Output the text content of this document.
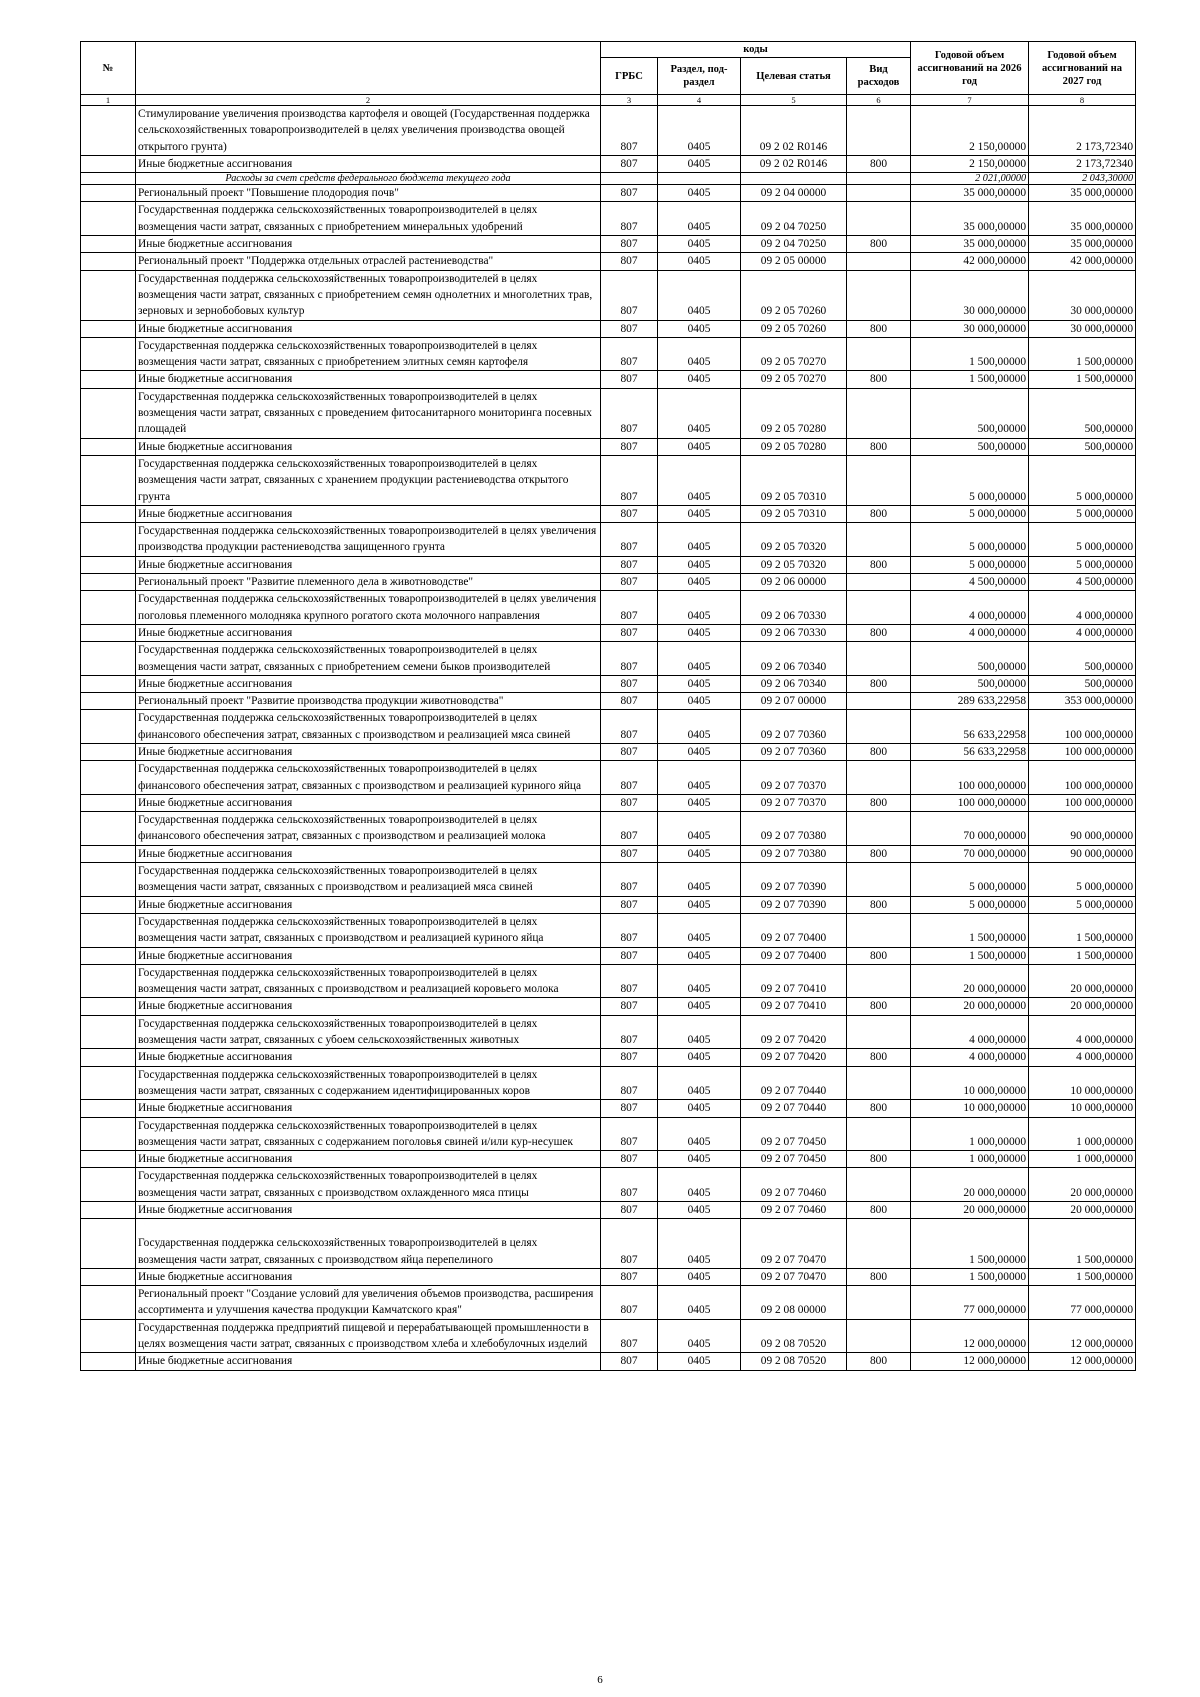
№		коды				Годовой объем ассигнований на 2026 год	Годовой объем ассигнований на 2027 год
		ГРБС	Раздел, под-раздел	Целевая статья	Вид расходов		
1	2	3	4	5	6	7	8
	Стимулирование увеличения производства картофеля и овощей (Государственная поддержка сельскохозяйственных товаропроизводителей в целях увеличения производства овощей открытого грунта)	807	0405	09 2 02 R0146		2 150,00000	2 173,72340
	Иные бюджетные ассигнования	807	0405	09 2 02 R0146	800	2 150,00000	2 173,72340
	Расходы за счет средств федерального бюджета текущего года					2 021,00000	2 043,30000
	Региональный проект "Повышение плодородия почв"	807	0405	09 2 04 00000		35 000,00000	35 000,00000
	Государственная поддержка сельскохозяйственных товаропроизводителей в целях возмещения части затрат, связанных с приобретением минеральных удобрений	807	0405	09 2 04 70250		35 000,00000	35 000,00000
	Иные бюджетные ассигнования	807	0405	09 2 04 70250	800	35 000,00000	35 000,00000
	Региональный проект "Поддержка отдельных отраслей растениеводства"	807	0405	09 2 05 00000		42 000,00000	42 000,00000
	Государственная поддержка сельскохозяйственных товаропроизводителей в целях возмещения части затрат, связанных с приобретением семян однолетних и многолетних трав, зерновых и зернобобовых культур	807	0405	09 2 05 70260		30 000,00000	30 000,00000
	Иные бюджетные ассигнования	807	0405	09 2 05 70260	800	30 000,00000	30 000,00000
	Государственная поддержка сельскохозяйственных товаропроизводителей в целях возмещения части затрат, связанных с приобретением элитных семян картофеля	807	0405	09 2 05 70270		1 500,00000	1 500,00000
	Иные бюджетные ассигнования	807	0405	09 2 05 70270	800	1 500,00000	1 500,00000
	Государственная поддержка сельскохозяйственных товаропроизводителей в целях возмещения части затрат, связанных с проведением фитосанитарного мониторинга посевных площадей	807	0405	09 2 05 70280		500,00000	500,00000
	Иные бюджетные ассигнования	807	0405	09 2 05 70280	800	500,00000	500,00000
	Государственная поддержка сельскохозяйственных товаропроизводителей в целях возмещения части затрат, связанных с хранением продукции растениеводства открытого грунта	807	0405	09 2 05 70310		5 000,00000	5 000,00000
	Иные бюджетные ассигнования	807	0405	09 2 05 70310	800	5 000,00000	5 000,00000
	Государственная поддержка сельскохозяйственных товаропроизводителей в целях увеличения производства продукции растениеводства защищенного грунта	807	0405	09 2 05 70320		5 000,00000	5 000,00000
	Иные бюджетные ассигнования	807	0405	09 2 05 70320	800	5 000,00000	5 000,00000
	Региональный проект "Развитие племенного дела в животноводстве"	807	0405	09 2 06 00000		4 500,00000	4 500,00000
	Государственная поддержка сельскохозяйственных товаропроизводителей в целях увеличения поголовья племенного молодняка крупного рогатого скота молочного направления	807	0405	09 2 06 70330		4 000,00000	4 000,00000
	Иные бюджетные ассигнования	807	0405	09 2 06 70330	800	4 000,00000	4 000,00000
	Государственная поддержка сельскохозяйственных товаропроизводителей в целях возмещения части затрат, связанных с приобретением семени быков производителей	807	0405	09 2 06 70340		500,00000	500,00000
	Иные бюджетные ассигнования	807	0405	09 2 06 70340	800	500,00000	500,00000
	Региональный проект "Развитие производства продукции животноводства"	807	0405	09 2 07 00000		289 633,22958	353 000,00000
	Государственная поддержка сельскохозяйственных товаропроизводителей в целях финансового обеспечения затрат, связанных с производством и реализацией мяса свиней	807	0405	09 2 07 70360		56 633,22958	100 000,00000
	Иные бюджетные ассигнования	807	0405	09 2 07 70360	800	56 633,22958	100 000,00000
	Государственная поддержка сельскохозяйственных товаропроизводителей в целях финансового обеспечения затрат, связанных с производством и реализацией куриного яйца	807	0405	09 2 07 70370		100 000,00000	100 000,00000
	Иные бюджетные ассигнования	807	0405	09 2 07 70370	800	100 000,00000	100 000,00000
	Государственная поддержка сельскохозяйственных товаропроизводителей в целях финансового обеспечения затрат, связанных с производством и реализацией молока	807	0405	09 2 07 70380		70 000,00000	90 000,00000
	Иные бюджетные ассигнования	807	0405	09 2 07 70380	800	70 000,00000	90 000,00000
	Государственная поддержка сельскохозяйственных товаропроизводителей в целях возмещения части затрат, связанных с производством и реализацией мяса свиней	807	0405	09 2 07 70390		5 000,00000	5 000,00000
	Иные бюджетные ассигнования	807	0405	09 2 07 70390	800	5 000,00000	5 000,00000
	Государственная поддержка сельскохозяйственных товаропроизводителей в целях возмещения части затрат, связанных с производством и реализацией куриного яйца	807	0405	09 2 07 70400		1 500,00000	1 500,00000
	Иные бюджетные ассигнования	807	0405	09 2 07 70400	800	1 500,00000	1 500,00000
	Государственная поддержка сельскохозяйственных товаропроизводителей в целях возмещения части затрат, связанных с производством и реализацией коровьего молока	807	0405	09 2 07 70410		20 000,00000	20 000,00000
	Иные бюджетные ассигнования	807	0405	09 2 07 70410	800	20 000,00000	20 000,00000
	Государственная поддержка сельскохозяйственных товаропроизводителей в целях возмещения части затрат, связанных с убоем сельскохозяйственных животных	807	0405	09 2 07 70420		4 000,00000	4 000,00000
	Иные бюджетные ассигнования	807	0405	09 2 07 70420	800	4 000,00000	4 000,00000
	Государственная поддержка сельскохозяйственных товаропроизводителей в целях возмещения части затрат, связанных с содержанием идентифицированных коров	807	0405	09 2 07 70440		10 000,00000	10 000,00000
	Иные бюджетные ассигнования	807	0405	09 2 07 70440	800	10 000,00000	10 000,00000
	Государственная поддержка сельскохозяйственных товаропроизводителей в целях возмещения части затрат, связанных с содержанием поголовья свиней и/или кур-несушек	807	0405	09 2 07 70450		1 000,00000	1 000,00000
	Иные бюджетные ассигнования	807	0405	09 2 07 70450	800	1 000,00000	1 000,00000
	Государственная поддержка сельскохозяйственных товаропроизводителей в целях возмещения части затрат, связанных с производством охлажденного мяса птицы	807	0405	09 2 07 70460		20 000,00000	20 000,00000
	Иные бюджетные ассигнования	807	0405	09 2 07 70460	800	20 000,00000	20 000,00000
	Государственная поддержка сельскохозяйственных товаропроизводителей в целях возмещения части затрат, связанных с производством яйца перепелиного	807	0405	09 2 07 70470		1 500,00000	1 500,00000
	Иные бюджетные ассигнования	807	0405	09 2 07 70470	800	1 500,00000	1 500,00000
	Региональный проект "Создание условий для увеличения объемов производства, расширения ассортимента и улучшения качества продукции Камчатского края"	807	0405	09 2 08 00000		77 000,00000	77 000,00000
	Государственная поддержка предприятий пищевой и перерабатывающей промышленности в целях возмещения части затрат, связанных с производством хлеба и хлебобулочных изделий	807	0405	09 2 08 70520		12 000,00000	12 000,00000
	Иные бюджетные ассигнования	807	0405	09 2 08 70520	800	12 000,00000	12 000,00000
6
